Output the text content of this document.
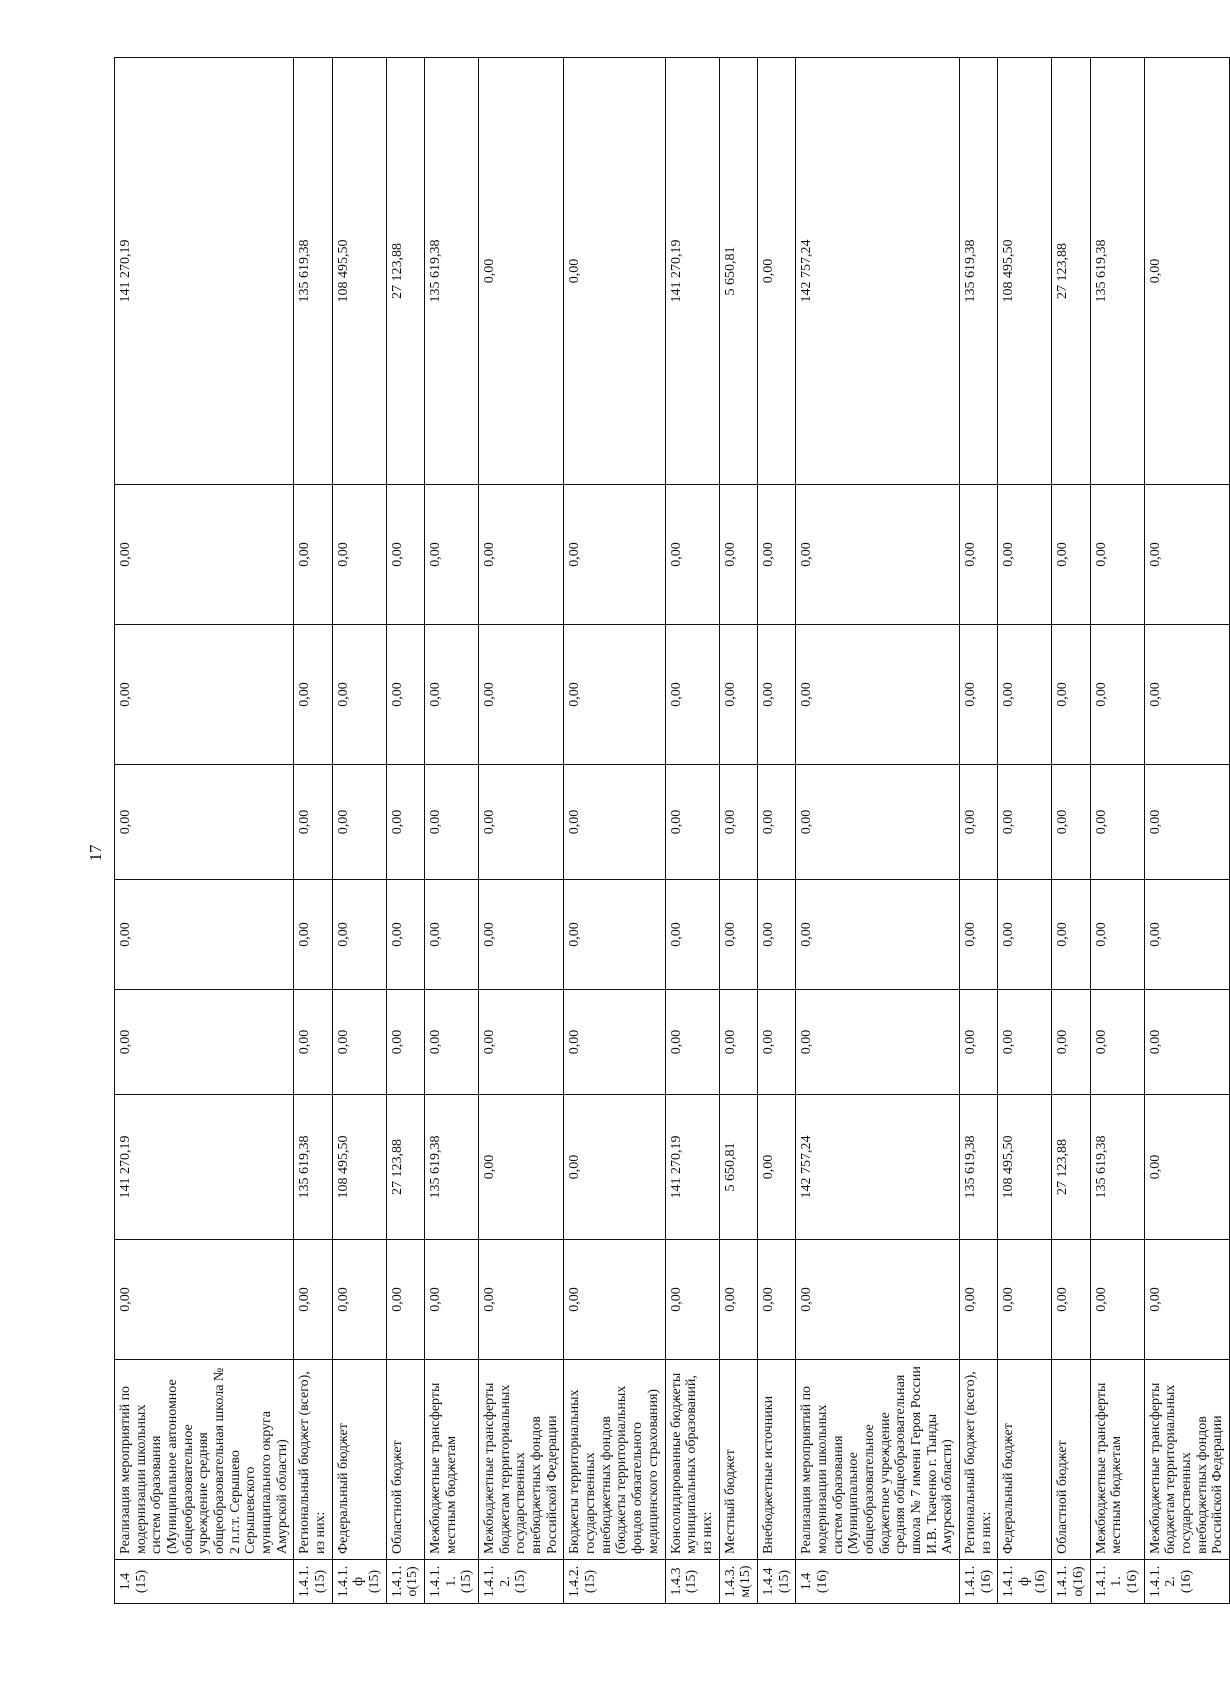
17
1.4 (15)	Реализация мероприятий по модернизации школьных систем образования (Муниципальное автономное общеобразовательное учреждение средняя общеобразовательная школа № 2 п.г.т. Серышево Серышевского муниципального округа Амурской области)	0,00	141 270,19	0,00	0,00	0,00	0,00	0,00	141 270,19
1.4.1.(15)	Региональный бюджет (всего), из них:	0,00	135 619,38	0,00	0,00	0,00	0,00	0,00	135 619,38
1.4.1.ф (15)	Федеральный бюджет	0,00	108 495,50	0,00	0,00	0,00	0,00	0,00	108 495,50
1.4.1.о(15)	Областной бюджет	0,00	27 123,88	0,00	0,00	0,00	0,00	0,00	27 123,88
1.4.1.1.(15)	Межбюджетные трансферты местным бюджетам	0,00	135 619,38	0,00	0,00	0,00	0,00	0,00	135 619,38
1.4.1.2.(15)	Межбюджетные трансферты бюджетам территориальных государственных внебюджетных фондов Российской Федерации	0,00	0,00	0,00	0,00	0,00	0,00	0,00	0,00
1.4.2.(15)	Бюджеты территориальных государственных внебюджетных фондов (бюджеты территориальных фондов обязательного медицинского страхования)	0,00	0,00	0,00	0,00	0,00	0,00	0,00	0,00
1.4.3 (15)	Консолидированные бюджеты муниципальных образований, из них:	0,00	141 270,19	0,00	0,00	0,00	0,00	0,00	141 270,19
1.4.3.м(15)	Местный бюджет	0,00	5 650,81	0,00	0,00	0,00	0,00	0,00	5 650,81
1.4.4 (15)	Внебюджетные источники	0,00	0,00	0,00	0,00	0,00	0,00	0,00	0,00
1.4 (16)	Реализация мероприятий по модернизации школьных систем образования (Муниципальное общеобразовательное бюджетное учреждение средняя общеобразовательная школа № 7 имени Героя России И.В. Ткаченко г. Тынды Амурской области)	0,00	142 757,24	0,00	0,00	0,00	0,00	0,00	142 757,24
1.4.1.(16)	Региональный бюджет (всего), из них:	0,00	135 619,38	0,00	0,00	0,00	0,00	0,00	135 619,38
1.4.1.ф (16)	Федеральный бюджет	0,00	108 495,50	0,00	0,00	0,00	0,00	0,00	108 495,50
1.4.1.о(16)	Областной бюджет	0,00	27 123,88	0,00	0,00	0,00	0,00	0,00	27 123,88
1.4.1.1.(16)	Межбюджетные трансферты местным бюджетам	0,00	135 619,38	0,00	0,00	0,00	0,00	0,00	135 619,38
1.4.1.2.(16)	Межбюджетные трансферты бюджетам территориальных государственных внебюджетных фондов Российской Федерации	0,00	0,00	0,00	0,00	0,00	0,00	0,00	0,00
